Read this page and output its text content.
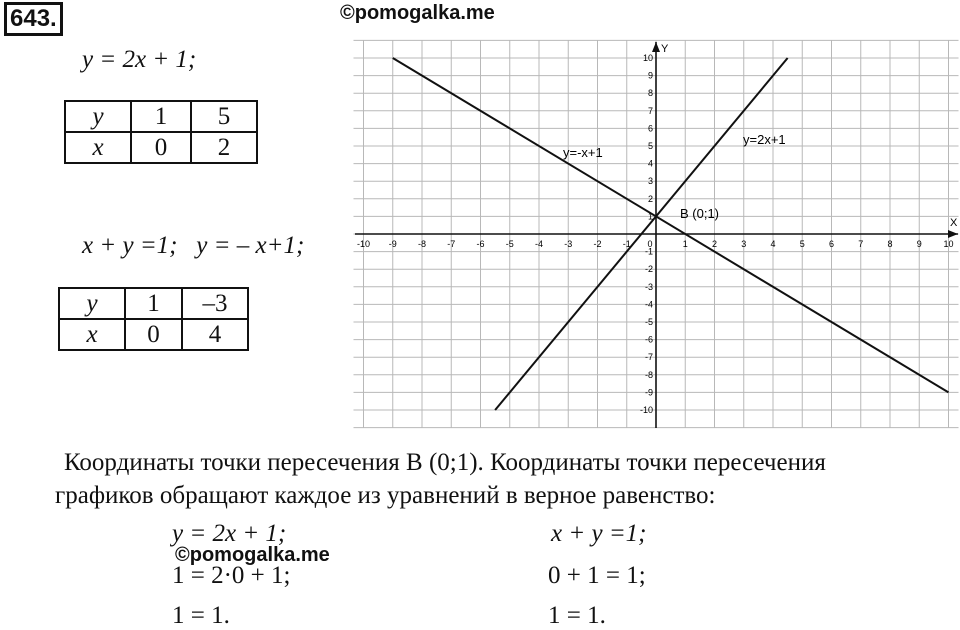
643.	©pomogalka.me
y = 2x + 1;
y	1	5
x	0	2
x + y =1;   y = – x+1;
y	1	–3
x	0	4
X
Y
-10 -9 -8 -7 -6 -5 -4 -3 -2 -1 0	1	2	3	4	5	6	7	8	9 10
10
9
8
7
6
5
4
3
2
1
-1
-2
-3
-4
-5
-6
-7
-8
-9
-10
y=2x+1
y=-x+1
B (0;1)
Координаты точки пересечения B (0;1). Координаты точки пересечения
графиков обращают каждое из уравнений в верное равенство:
y = 2x + 1;
©pomogalka.me
1 = 2·0 + 1;
1 = 1.
x + y =1;
0 + 1 = 1;
1 = 1.
